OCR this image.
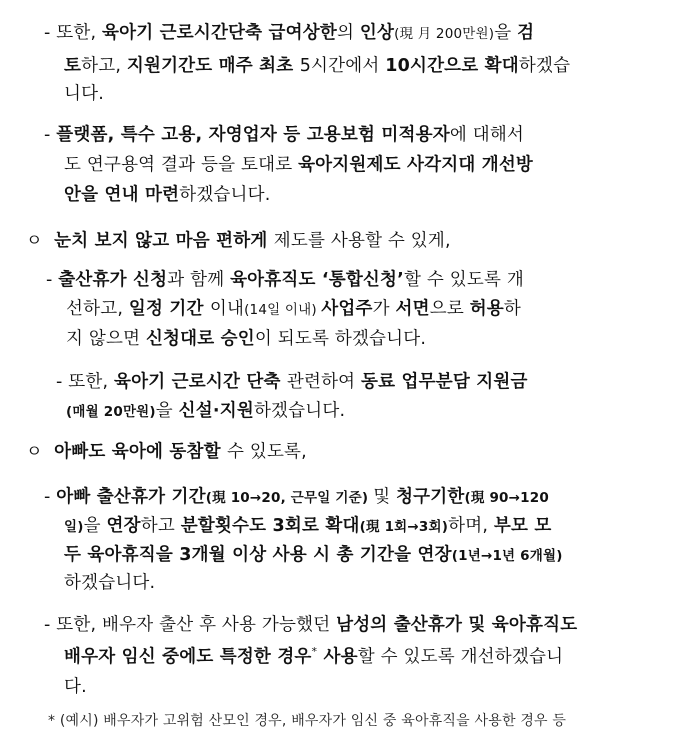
- 또한, 육아기 근로시간단축 급여상한의 인상(現 月 200만원)을 검
토하고, 지원기간도 매주 최초 5시간에서 10시간으로 확대하겠습
니다.
- 플랫폼, 특수 고용, 자영업자 등 고용보험 미적용자에 대해서
도 연구용역 결과 등을 토대로 육아지원제도 사각지대 개선방
안을 연내 마련하겠습니다.
ㅇ 눈치 보지 않고 마음 편하게 제도를 사용할 수 있게,
- 출산휴가 신청과 함께 육아휴직도 ‘통합신청’할 수 있도록 개
선하고, 일정 기간 이내(14일 이내) 사업주가 서면으로 허용하
지 않으면 신청대로 승인이 되도록 하겠습니다.
- 또한, 육아기 근로시간 단축 관련하여 동료 업무분담 지원금
(매월 20만원)을 신설·지원하겠습니다.
ㅇ 아빠도 육아에 동참할 수 있도록,
- 아빠 출산휴가 기간(現 10→20, 근무일 기준) 및 청구기한(現 90→120
일)을 연장하고 분할횟수도 3회로 확대(現 1회→3회)하며, 부모 모
두 육아휴직을 3개월 이상 사용 시 총 기간을 연장(1년→1년 6개월)
하겠습니다.
- 또한, 배우자 출산 후 사용 가능했던 남성의 출산휴가 및 육아휴직도
배우자 임신 중에도 특정한 경우* 사용할 수 있도록 개선하겠습니
다.
* (예시) 배우자가 고위험 산모인 경우, 배우자가 임신 중 육아휴직을 사용한 경우 등
